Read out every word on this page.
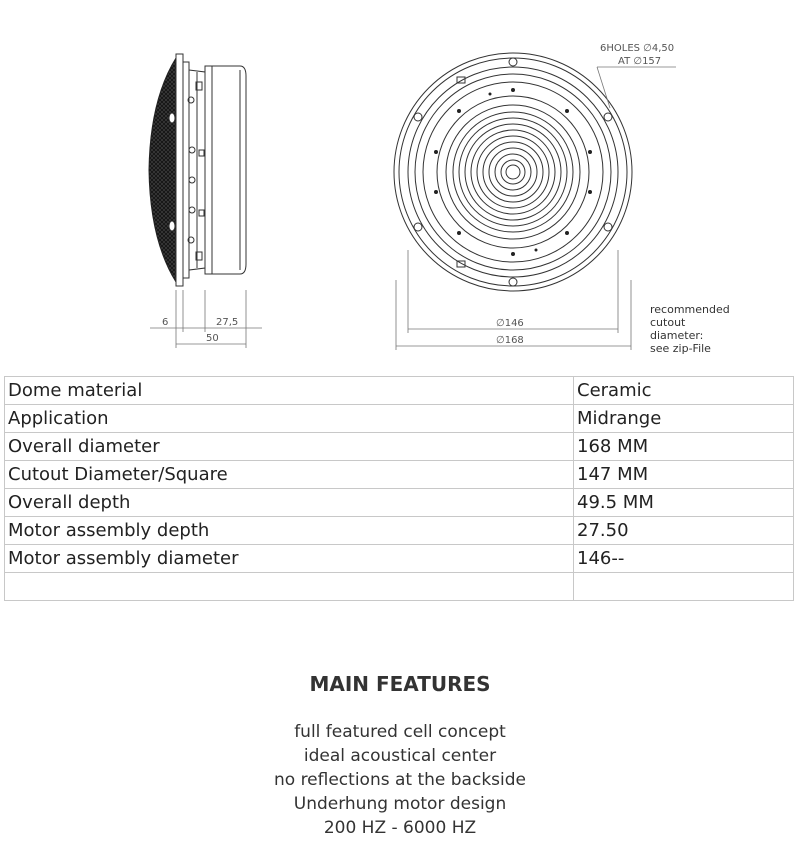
6	27,5
50
6HOLES ∅4,50
AT ∅157
∅146
∅168
recommended
cutout
diameter:
see zip-File
Dome material	Ceramic
Application	Midrange
Overall diameter	168 MM
Cutout Diameter/Square	147 MM
Overall depth	49.5 MM
Motor assembly depth	27.50
Motor assembly diameter	146--

MAIN FEATURES
full featured cell concept
ideal acoustical center
no reflections at the backside
Underhung motor design
200 HZ - 6000 HZ
